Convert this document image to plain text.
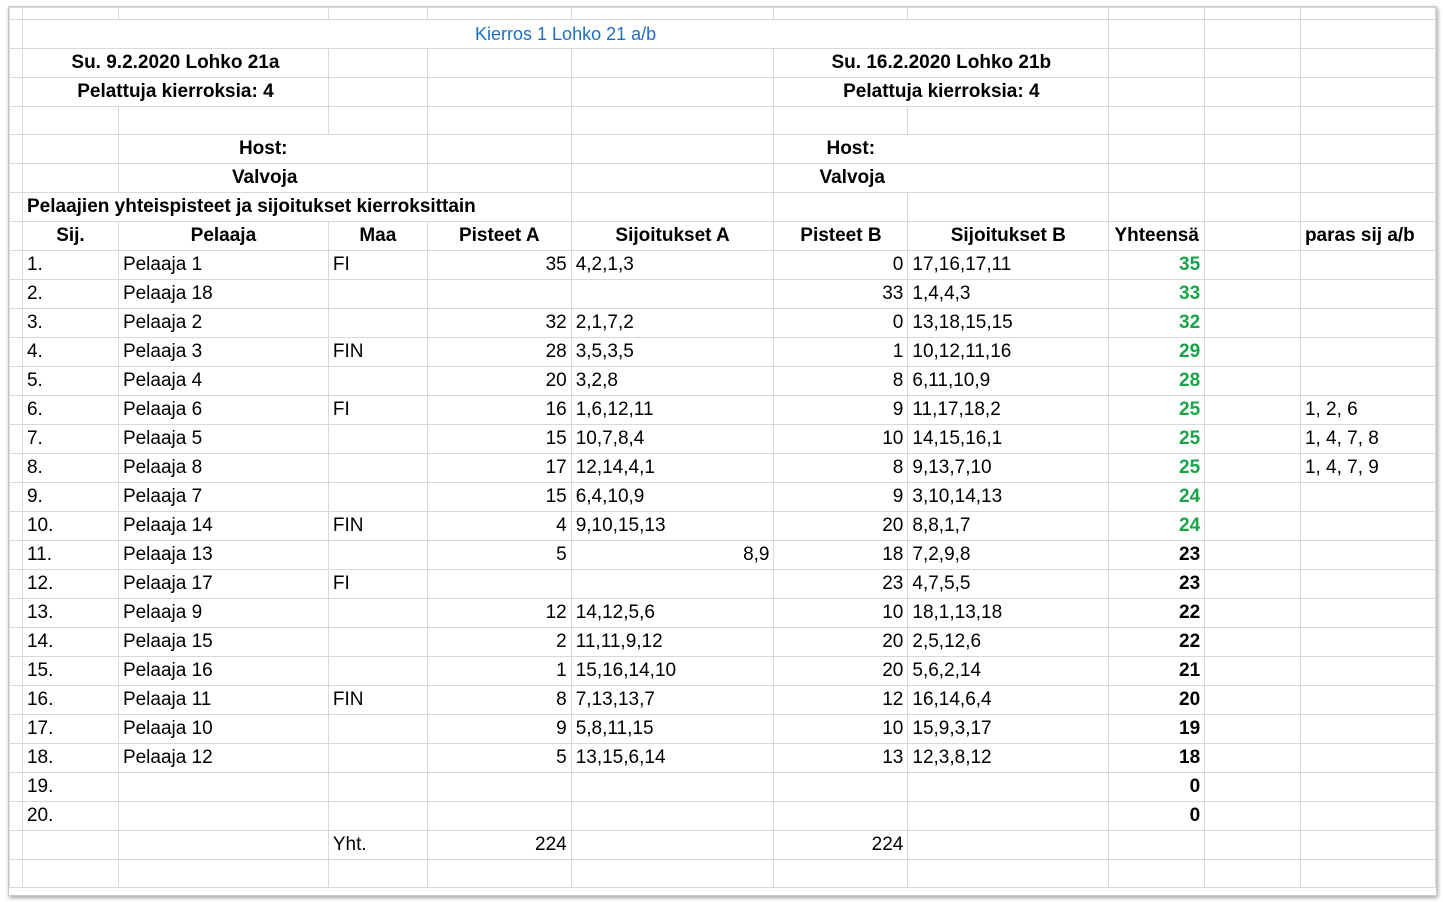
	Kierros 1 Lohko 21 a/b									
	Su. 9.2.2020 Lohko 21a					Su. 16.2.2020 Lohko 21b				
	Pelattuja kierroksia: 4					Pelattuja kierroksia: 4				

		Host:				Host:				
		Valvoja				Valvoja				
	Pelaajien yhteispisteet ja sijoitukset kierroksittain									
	Sij.	Pelaaja	Maa	Pisteet A	Sijoitukset A	Pisteet B	Sijoitukset B	Yhteensä		paras sij a/b
	1.	Pelaaja 1	FI	35	4,2,1,3	0	17,16,17,11	35		
	2.	Pelaaja 18				33	1,4,4,3	33		
	3.	Pelaaja 2		32	2,1,7,2	0	13,18,15,15	32		
	4.	Pelaaja 3	FIN	28	3,5,3,5	1	10,12,11,16	29		
	5.	Pelaaja 4		20	3,2,8	8	6,11,10,9	28		
	6.	Pelaaja 6	FI	16	1,6,12,11	9	11,17,18,2	25		1, 2, 6
	7.	Pelaaja 5		15	10,7,8,4	10	14,15,16,1	25		1, 4, 7, 8
	8.	Pelaaja 8		17	12,14,4,1	8	9,13,7,10	25		1, 4, 7, 9
	9.	Pelaaja 7		15	6,4,10,9	9	3,10,14,13	24		
	10.	Pelaaja 14	FIN	4	9,10,15,13	20	8,8,1,7	24		
	11.	Pelaaja 13		5	8,9	18	7,2,9,8	23		
	12.	Pelaaja 17	FI			23	4,7,5,5	23		
	13.	Pelaaja 9		12	14,12,5,6	10	18,1,13,18	22		
	14.	Pelaaja 15		2	11,11,9,12	20	2,5,12,6	22		
	15.	Pelaaja 16		1	15,16,14,10	20	5,6,2,14	21		
	16.	Pelaaja 11	FIN	8	7,13,13,7	12	16,14,6,4	20		
	17.	Pelaaja 10		9	5,8,11,15	10	15,9,3,17	19		
	18.	Pelaaja 12		5	13,15,6,14	13	12,3,8,12	18		
	19.							0		
	20.							0		
			Yht.	224		224				
